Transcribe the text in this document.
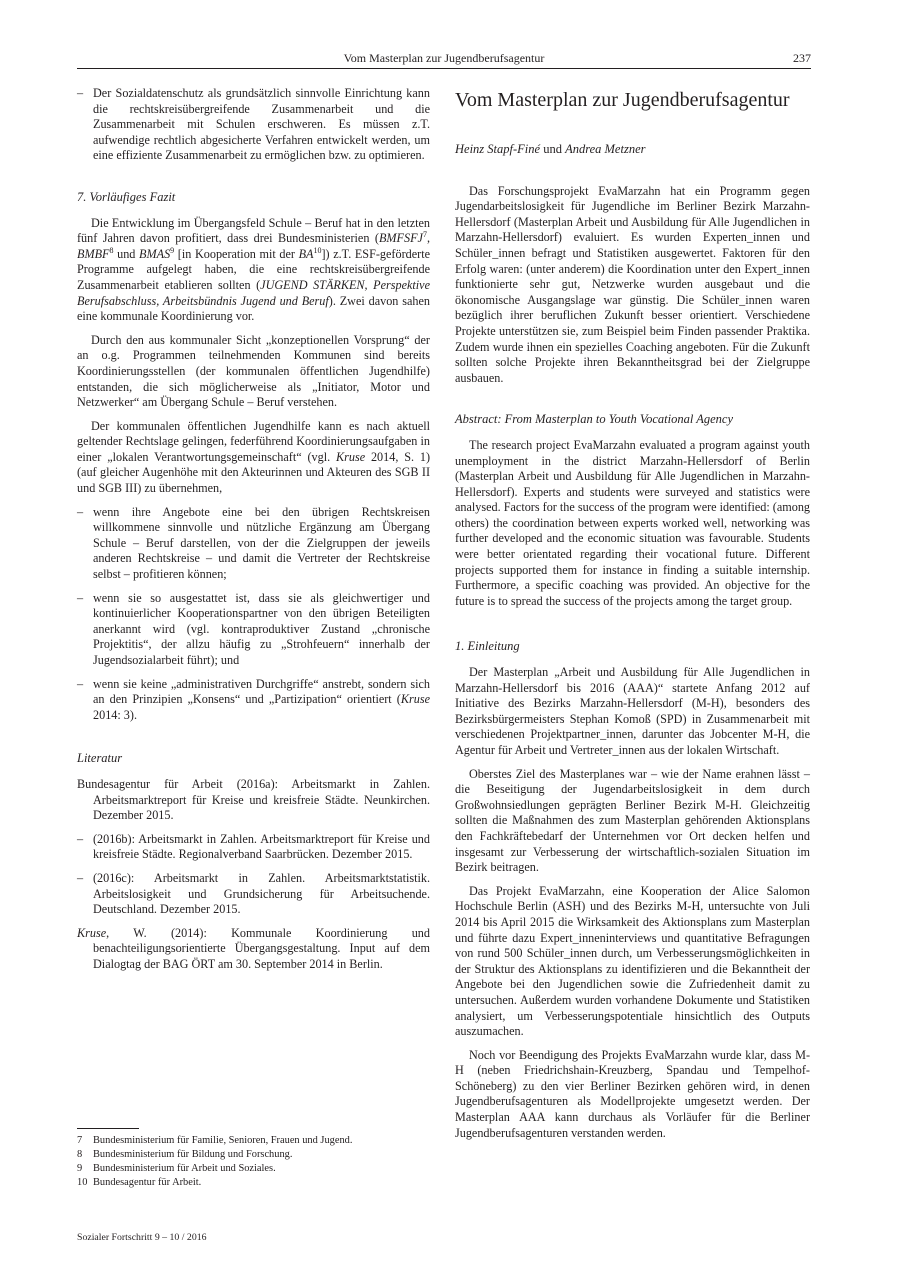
Vom Masterplan zur Jugendberufsagentur	237
– Der Sozialdatenschutz als grundsätzlich sinnvolle Einrichtung kann die rechtskreisübergreifende Zusammenarbeit und die Zusammenarbeit mit Schulen erschweren. Es müssen z.T. aufwendige rechtlich abgesicherte Verfahren entwickelt werden, um eine effiziente Zusammenarbeit zu ermöglichen bzw. zu optimieren.
7. Vorläufiges Fazit

Die Entwicklung im Übergangsfeld Schule – Beruf hat in den letzten fünf Jahren davon profitiert, dass drei Bundesministerien (BMFSFJ$^7$, BMBF$^8$ und BMAS$^9$ [in Kooperation mit der BA$^{10}$]) z.T. ESF-geförderte Programme aufgelegt haben, die eine rechtskreisübergreifende Zusammenarbeit etablieren sollten (JUGEND STÄRKEN, Perspektive Berufsabschluss, Arbeitsbündnis Jugend und Beruf). Zwei davon sahen eine kommunale Koordinierung vor.

Durch den aus kommunaler Sicht „konzeptionellen Vorsprung“ der an o.g. Programmen teilnehmenden Kommunen sind bereits Koordinierungsstellen (der kommunalen öffentlichen Jugendhilfe) entstanden, die sich möglicherweise als „Initiator, Motor und Netzwerker“ am Übergang Schule – Beruf verstehen.

Der kommunalen öffentlichen Jugendhilfe kann es nach aktuell geltender Rechtslage gelingen, federführend Koordinierungsaufgaben in einer „lokalen Verantwortungsgemeinschaft“ (vgl. Kruse 2014, S. 1) (auf gleicher Augenhöhe mit den Akteurinnen und Akteuren des SGB II und SGB III) zu übernehmen,

– wenn ihre Angebote eine bei den übrigen Rechtskreisen willkommene sinnvolle und nützliche Ergänzung am Übergang Schule – Beruf darstellen, von der die Zielgruppen der jeweils anderen Rechtskreise – und damit die Vertreter der Rechtskreise selbst – profitieren können;
– wenn sie so ausgestattet ist, dass sie als gleichwertiger und kontinuierlicher Kooperationspartner von den übrigen Beteiligten anerkannt wird (vgl. kontraproduktiver Zustand „chronische Projektitis“, der allzu häufig zu „Strohfeuern“ innerhalb der Jugendsozialarbeit führt); und
– wenn sie keine „administrativen Durchgriffe“ anstrebt, sondern sich an den Prinzipien „Konsens“ und „Partizipation“ orientiert (Kruse 2014: 3).
Literatur

Bundesagentur für Arbeit (2016a): Arbeitsmarkt in Zahlen. Arbeitsmarktreport für Kreise und kreisfreie Städte. Neunkirchen. Dezember 2015.

– (2016b): Arbeitsmarkt in Zahlen. Arbeitsmarktreport für Kreise und kreisfreie Städte. Regionalverband Saarbrücken. Dezember 2015.
– (2016c): Arbeitsmarkt in Zahlen. Arbeitsmarktstatistik. Arbeitslosigkeit und Grundsicherung für Arbeitsuchende. Deutschland. Dezember 2015.

Kruse, W. (2014): Kommunale Koordinierung und benachteiligungsorientierte Übergangsgestaltung. Input auf dem Dialogtag der BAG ÖRT am 30. September 2014 in Berlin.

7 Bundesministerium für Familie, Senioren, Frauen und Jugend.
8 Bundesministerium für Bildung und Forschung.
9 Bundesministerium für Arbeit und Soziales.
10 Bundesagentur für Arbeit.
Sozialer Fortschritt 9 – 10 / 2016
Vom Masterplan zur Jugendberufsagentur
Heinz Stapf-Finé und Andrea Metzner

Das Forschungsprojekt EvaMarzahn hat ein Programm gegen Jugendarbeitslosigkeit für Jugendliche im Berliner Bezirk Marzahn-Hellersdorf (Masterplan Arbeit und Ausbildung für Alle Jugendlichen in Marzahn-Hellersdorf) evaluiert. Es wurden Experten_innen und Schüler_innen befragt und Statistiken ausgewertet. Faktoren für den Erfolg waren: (unter anderem) die Koordination unter den Expert_innen funktionierte sehr gut, Netzwerke wurden ausgebaut und die ökonomische Ausgangslage war günstig. Die Schüler_innen waren bezüglich ihrer beruflichen Zukunft besser orientiert. Verschiedene Projekte unterstützen sie, zum Beispiel beim Finden passender Praktika. Zudem wurde ihnen ein spezielles Coaching angeboten. Für die Zukunft sollten solche Projekte ihren Bekanntheitsgrad bei der Zielgruppe ausbauen.

Abstract: From Masterplan to Youth Vocational Agency

The research project EvaMarzahn evaluated a program against youth unemployment in the district Marzahn-Hellersdorf of Berlin (Masterplan Arbeit und Ausbildung für Alle Jugendlichen in Marzahn-Hellersdorf). Experts and students were surveyed and statistics were analysed. Factors for the success of the program were identified: (among others) the coordination between experts worked well, networking was further developed and the economic situation was favourable. Students were better orientated regarding their vocational future. Different projects supported them for instance in finding a suitable internship. Furthermore, a specific coaching was provided. An objective for the future is to spread the success of the projects among the target group.

1. Einleitung

Der Masterplan „Arbeit und Ausbildung für Alle Jugendlichen in Marzahn-Hellersdorf bis 2016 (AAA)“ startete Anfang 2012 auf Initiative des Bezirks Marzahn-Hellersdorf (M-H), besonders des Bezirksbürgermeisters Stephan Komoß (SPD) in Zusammenarbeit mit verschiedenen Projektpartner_innen, darunter das Jobcenter M-H, die Agentur für Arbeit und Vertreter_innen aus der lokalen Wirtschaft.

Oberstes Ziel des Masterplanes war – wie der Name erahnen lässt – die Beseitigung der Jugendarbeitslosigkeit in dem durch Großwohnsiedlungen geprägten Berliner Bezirk M-H. Gleichzeitig sollten die Maßnahmen des zum Masterplan gehörenden Aktionsplans den Fachkräftebedarf der Unternehmen vor Ort decken helfen und insgesamt zur Verbesserung der wirtschaftlich-sozialen Situation im Bezirk beitragen.

Das Projekt EvaMarzahn, eine Kooperation der Alice Salomon Hochschule Berlin (ASH) und des Bezirks M-H, untersuchte von Juli 2014 bis April 2015 die Wirksamkeit des Aktionsplans zum Masterplan und führte dazu Expert_inneninterviews und quantitative Befragungen von rund 500 Schüler_innen durch, um Verbesserungsmöglichkeiten in der Struktur des Aktionsplans zu identifizieren und die Bekanntheit der Angebote bei den Jugendlichen sowie die Zufriedenheit damit zu untersuchen. Außerdem wurden vorhandene Dokumente und Statistiken analysiert, um Verbesserungspotentiale hinsichtlich des Outputs auszumachen.

Noch vor Beendigung des Projekts EvaMarzahn wurde klar, dass M-H (neben Friedrichshain-Kreuzberg, Spandau und Tempelhof-Schöneberg) zu den vier Berliner Bezirken gehören wird, in denen Jugendberufsagenturen als Modellprojekte umgesetzt werden. Der Masterplan AAA kann durchaus als Vorläufer für die Berliner Jugendberufsagenturen verstanden werden.
